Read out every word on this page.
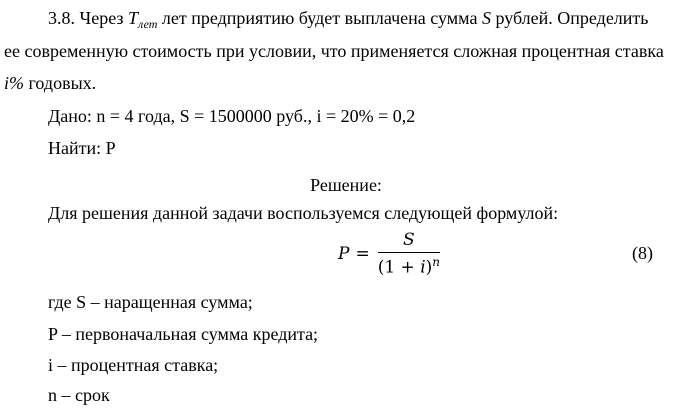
3.8. Через $T_{лет}$ лет предприятию будет выплачена сумма S рублей. Определить
ее современную стоимость при условии, что применяется сложная процентная ставка
i% годовых.
Дано: n = 4 года, S = 1500000 руб., i = 20% = 0,2
Найти: P
Решение:
Для решения данной задачи воспользуемся следующей формулой:
$P = \frac{S}{(1 + i)^n}$	(8)
где S – наращенная сумма;
P – первоначальная сумма кредита;
i – процентная ставка;
n – срок
